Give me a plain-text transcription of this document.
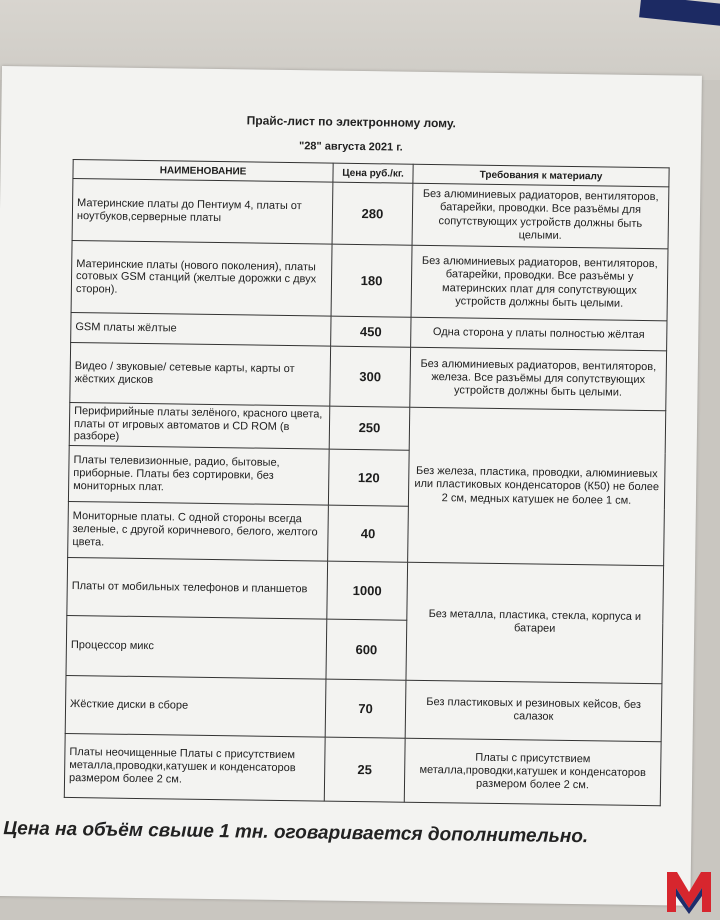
Прайс-лист по электронному лому.
"28" августа 2021 г.
НАИМЕНОВАНИЕ	Цена руб./кг.	Требования к материалу
Материнские платы до Пентиум 4, платы от ноутбуков,серверные платы	280	Без алюминиевых радиаторов, вентиляторов, батарейки, проводки. Все разъёмы для сопутствующих устройств должны быть целыми.
Материнские платы (нового поколения), платы сотовых GSM станций (желтые дорожки с двух сторон).	180	Без алюминиевых радиаторов, вентиляторов, батарейки, проводки. Все разъёмы у материнских плат для сопутствующих устройств должны быть целыми.
GSM платы жёлтые	450	Одна сторона у платы полностью жёлтая
Видео / звуковые/ сетевые карты, карты от жёстких дисков	300	Без алюминиевых радиаторов, вентиляторов, железа. Все разъёмы для сопутствующих устройств должны быть целыми.
Перифирийные платы зелёного, красного цвета, платы от игровых автоматов и CD ROM (в разборе)	250	Без железа, пластика, проводки, алюминиевых или пластиковых конденсаторов (К50) не более 2 см, медных катушек не более 1 см.
Платы телевизионные, радио, бытовые, приборные. Платы без сортировки, без мониторных плат.	120	
Мониторные платы. С одной стороны всегда зеленые, с другой коричневого, белого, желтого цвета.	40	
Платы от мобильных телефонов и планшетов	1000	Без металла, пластика, стекла, корпуса и батареи
Процессор микс	600	
Жёсткие диски в сборе	70	Без пластиковых и резиновых кейсов, без салазок
Платы неочищенные Платы с присутствием металла,проводки,катушек и конденсаторов размером более 2 см.	25	Платы с присутствием металла,проводки,катушек и конденсаторов размером более 2 см.
Цена на объём свыше 1 тн. оговаривается дополнительно.
